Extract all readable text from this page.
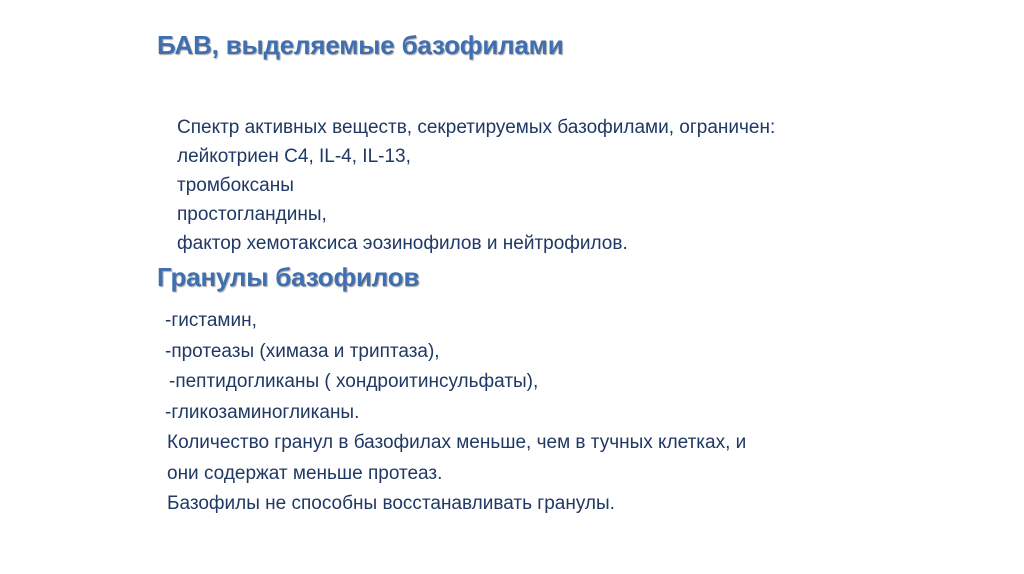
БАВ, выделяемые базофилами
Спектр активных веществ, секретируемых базофилами, ограничен:
лейкотриен С4, IL-4, IL-13,
тромбоксаны
простогландины,
фактор хемотаксиса эозинофилов и нейтрофилов.
Гранулы базофилов
-гистамин,
-протеазы (химаза и триптаза),
-пептидогликаны ( хондроитинсульфаты),
-гликозаминогликаны.
Количество гранул в базофилах меньше, чем в тучных клетках, и
они содержат меньше протеаз.
Базофилы не способны восстанавливать гранулы.
